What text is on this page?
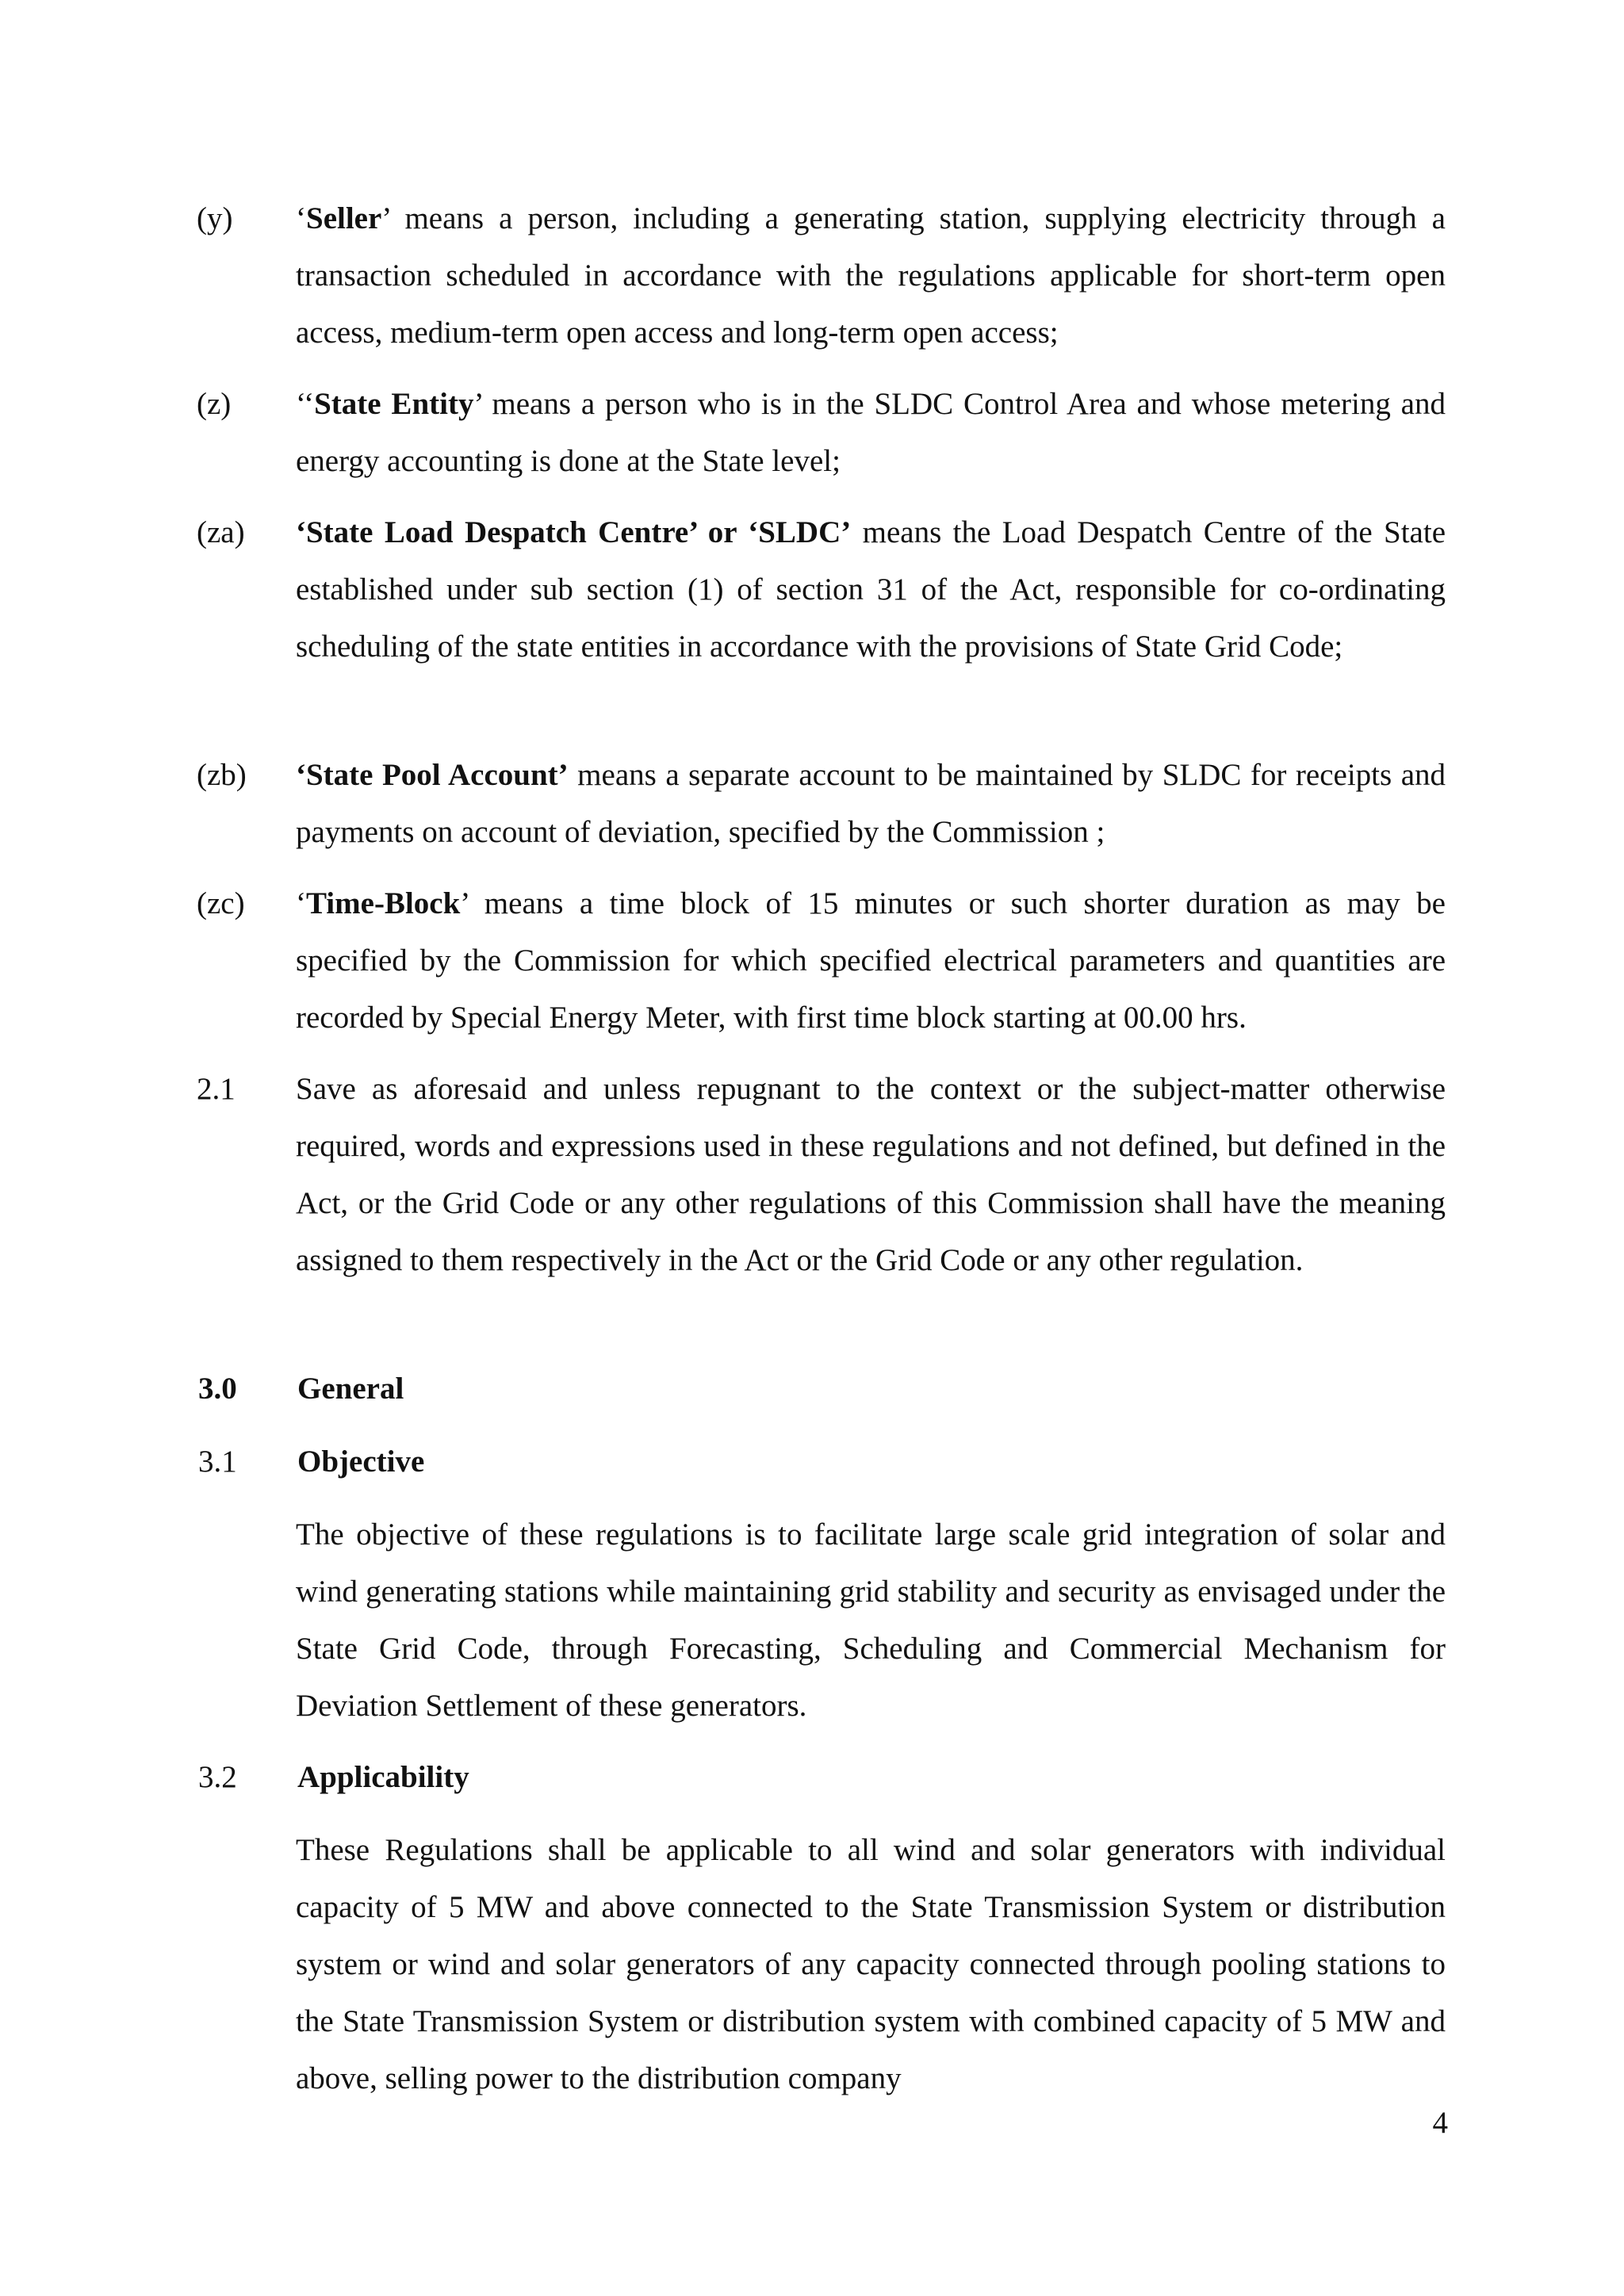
(y) ‘Seller’ means a person, including a generating station, supplying electricity through a transaction scheduled in accordance with the regulations applicable for short-term open access, medium-term open access and long-term open access;
(z) ‘‘State Entity’ means a person who is in the SLDC Control Area and whose metering and energy accounting is done at the State level;
(za) ‘State Load Despatch Centre’ or ‘SLDC’ means the Load Despatch Centre of the State established under sub section (1) of section 31 of the Act, responsible for co-ordinating scheduling of the state entities in accordance with the provisions of State Grid Code;
(zb) ‘State Pool Account’ means a separate account to be maintained by SLDC for receipts and payments on account of deviation, specified by the Commission ;
(zc) ‘Time-Block’ means a time block of 15 minutes or such shorter duration as may be specified by the Commission for which specified electrical parameters and quantities are recorded by Special Energy Meter, with first time block starting at 00.00 hrs.
2.1 Save as aforesaid and unless repugnant to the context or the subject-matter otherwise required, words and expressions used in these regulations and not defined, but defined in the Act, or the Grid Code or any other regulations of this Commission shall have the meaning assigned to them respectively in the Act or the Grid Code or any other regulation.
3.0 General
3.1 Objective
The objective of these regulations is to facilitate large scale grid integration of solar and wind generating stations while maintaining grid stability and security as envisaged under the State Grid Code, through Forecasting, Scheduling and Commercial Mechanism for Deviation Settlement of these generators.
3.2 Applicability
These Regulations shall be applicable to all wind and solar generators with individual capacity of 5 MW and above connected to the State Transmission System or distribution system or wind and solar generators of any capacity connected through pooling stations to the State Transmission System or distribution system with combined capacity of 5 MW and above, selling power to the distribution company
4
